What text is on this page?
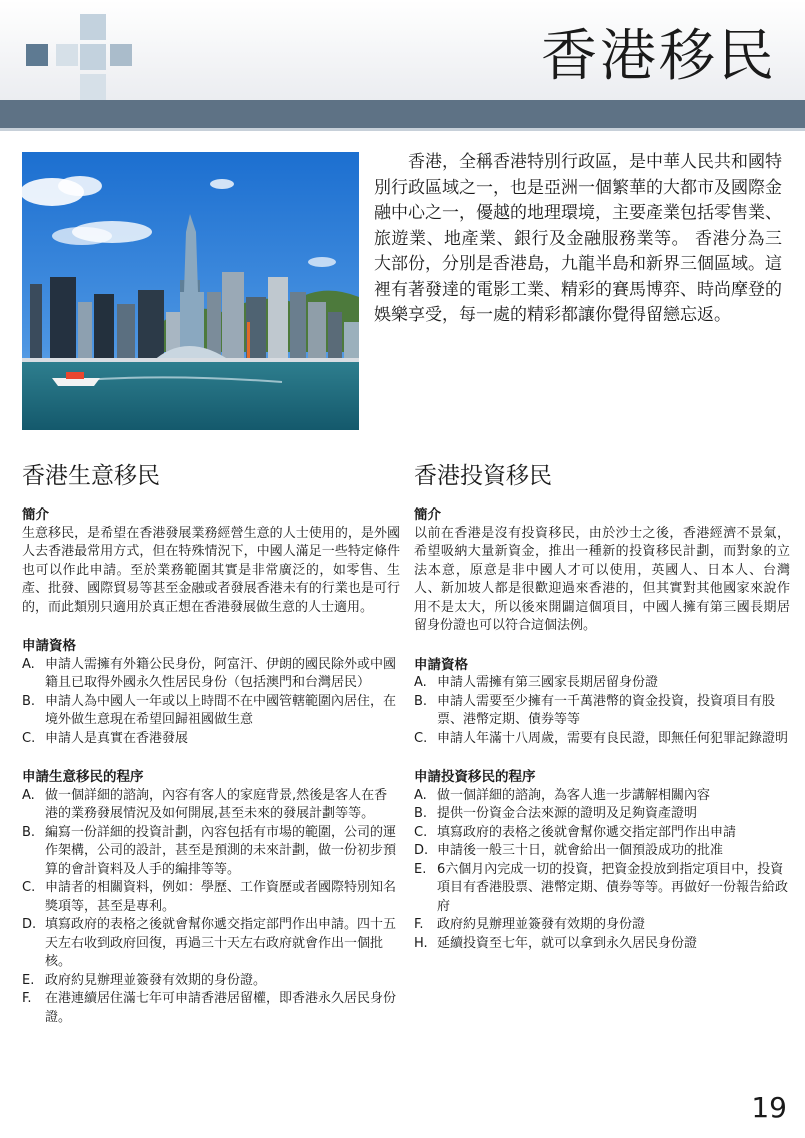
香港移民

香港，全稱香港特別行政區，是中華人民共和國特別行政區域之一，也是亞洲一個繁華的大都市及國際金融中心之一，優越的地理環境，主要產業包括零售業、旅遊業、地產業、銀行及金融服務業等。 香港分為三大部份，分別是香港島，九龍半島和新界三個區域。這裡有著發達的電影工業、精彩的賽馬博弈、時尚摩登的娛樂享受，每一處的精彩都讓你覺得留戀忘返。

香港生意移民
簡介

生意移民，是希望在香港發展業務經營生意的人士使用的，是外國人去香港最常用方式，但在特殊情況下，中國人滿足一些特定條件也可以作此申請。至於業務範圍其實是非常廣泛的，如零售、生產、批發、國際貿易等甚至金融或者發展香港未有的行業也是可行的，而此類別只適用於真正想在香港發展做生意的人士適用。

申請資格
A. 申請人需擁有外籍公民身份，阿富汗、伊朗的國民除外或中國籍且已取得外國永久性居民身份（包括澳門和台灣居民）
B. 申請人為中國人一年或以上時間不在中國管轄範圍內居住，在境外做生意現在希望回歸祖國做生意
C. 申請人是真實在香港發展
申請生意移民的程序
A. 做一個詳細的諮詢，內容有客人的家庭背景,然後是客人在香港的業務發展情況及如何開展,甚至未來的發展計劃等等。
B. 編寫一份詳細的投資計劃，內容包括有市場的範圍，公司的運作架構，公司的設計，甚至是預測的未來計劃，做一份初步預算的會計資料及人手的編排等等。
C. 申請者的相關資料，例如：學歷、工作資歷或者國際特別知名獎項等，甚至是專利。
D. 填寫政府的表格之後就會幫你遞交指定部門作出申請。四十五天左右收到政府回復，再過三十天左右政府就會作出一個批核。
E. 政府約見辦理並簽發有效期的身份證。
F. 在港連續居住滿七年可申請香港居留權，即香港永久居民身份證。
香港投資移民
簡介

以前在香港是沒有投資移民，由於沙士之後，香港經濟不景氣，希望吸納大量新資金，推出一種新的投資移民計劃，而對象的立法本意，原意是非中國人才可以使用，英國人、日本人、台灣人、新加坡人都是很歡迎過來香港的，但其實對其他國家來說作用不是太大，所以後來開闢這個項目，中國人擁有第三國長期居留身份證也可以符合這個法例。

申請資格
A. 申請人需擁有第三國家長期居留身份證
B. 申請人需要至少擁有一千萬港幣的資金投資，投資項目有股票、港幣定期、債券等等
C. 申請人年滿十八周歲，需要有良民證，即無任何犯罪記錄證明
申請投資移民的程序
A. 做一個詳細的諮詢，為客人進一步講解相關內容
B. 提供一份資金合法來源的證明及足夠資產證明
C. 填寫政府的表格之後就會幫你遞交指定部門作出申請
D. 申請後一般三十日，就會給出一個預設成功的批准
E. 6六個月內完成一切的投資，把資金投放到指定項目中，投資項目有香港股票、港幣定期、債券等等。再做好一份報告給政府
F. 政府約見辦理並簽發有效期的身份證
H. 延續投資至七年，就可以拿到永久居民身份證
19
